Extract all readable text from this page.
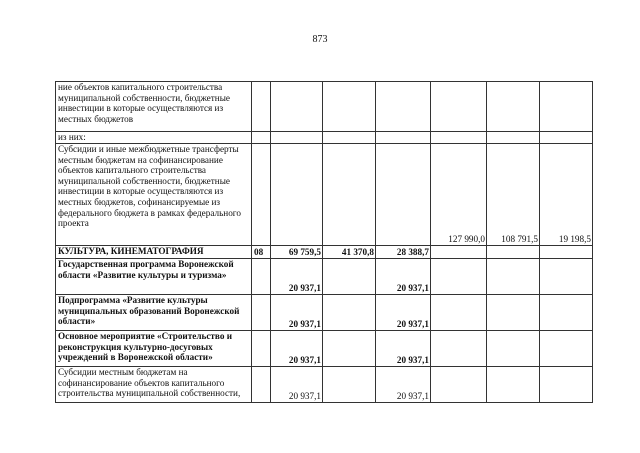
873
ние объектов капитального строительства муниципальной собственности, бюджетные инвестиции в которые осуществляются из местных бюджетов							
из них:							
Субсидии и иные межбюджетные трансферты местным бюджетам на софинансирование объектов капитального строительства муниципальной собственности, бюджетные инвестиции в которые осуществляются из местных бюджетов, софинансируемые из федерального бюджета в рамках федерального проекта					127 990,0	108 791,5	19 198,5
КУЛЬТУРА, КИНЕМАТОГРАФИЯ	08	69 759,5	41 370,8	28 388,7			
Государственная программа Воронежской области «Развитие культуры и туризма»		20 937,1		20 937,1			
Подпрограмма «Развитие культуры муниципальных образований Воронежской области»		20 937,1		20 937,1			
Основное мероприятие «Строительство и реконструкция культурно-досуговых учреждений в Воронежской области»		20 937,1		20 937,1			
Субсидии местным бюджетам на софинансирование объектов капитального строительства муниципальной собственности,		20 937,1		20 937,1			
